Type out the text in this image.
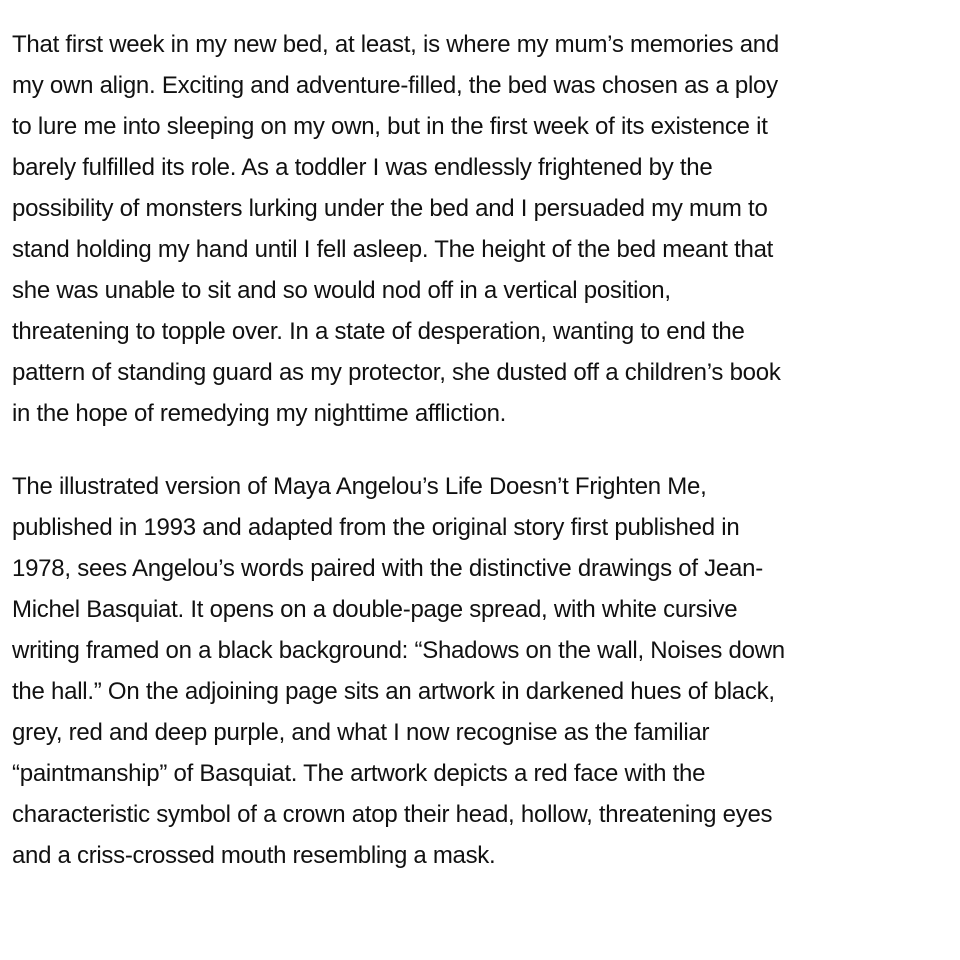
That first week in my new bed, at least, is where my mum’s memories and
my own align. Exciting and adventure-filled, the bed was chosen as a ploy
to lure me into sleeping on my own, but in the first week of its existence it
barely fulfilled its role. As a toddler I was endlessly frightened by the
possibility of monsters lurking under the bed and I persuaded my mum to
stand holding my hand until I fell asleep. The height of the bed meant that
she was unable to sit and so would nod off in a vertical position,
threatening to topple over. In a state of desperation, wanting to end the
pattern of standing guard as my protector, she dusted off a children’s book
in the hope of remedying my nighttime affliction.

The illustrated version of Maya Angelou’s Life Doesn’t Frighten Me,
published in 1993 and adapted from the original story first published in
1978, sees Angelou’s words paired with the distinctive drawings of Jean-
Michel Basquiat. It opens on a double-page spread, with white cursive
writing framed on a black background: “Shadows on the wall, Noises down
the hall.” On the adjoining page sits an artwork in darkened hues of black,
grey, red and deep purple, and what I now recognise as the familiar
“paintmanship” of Basquiat. The artwork depicts a red face with the
characteristic symbol of a crown atop their head, hollow, threatening eyes
and a criss-crossed mouth resembling a mask.
